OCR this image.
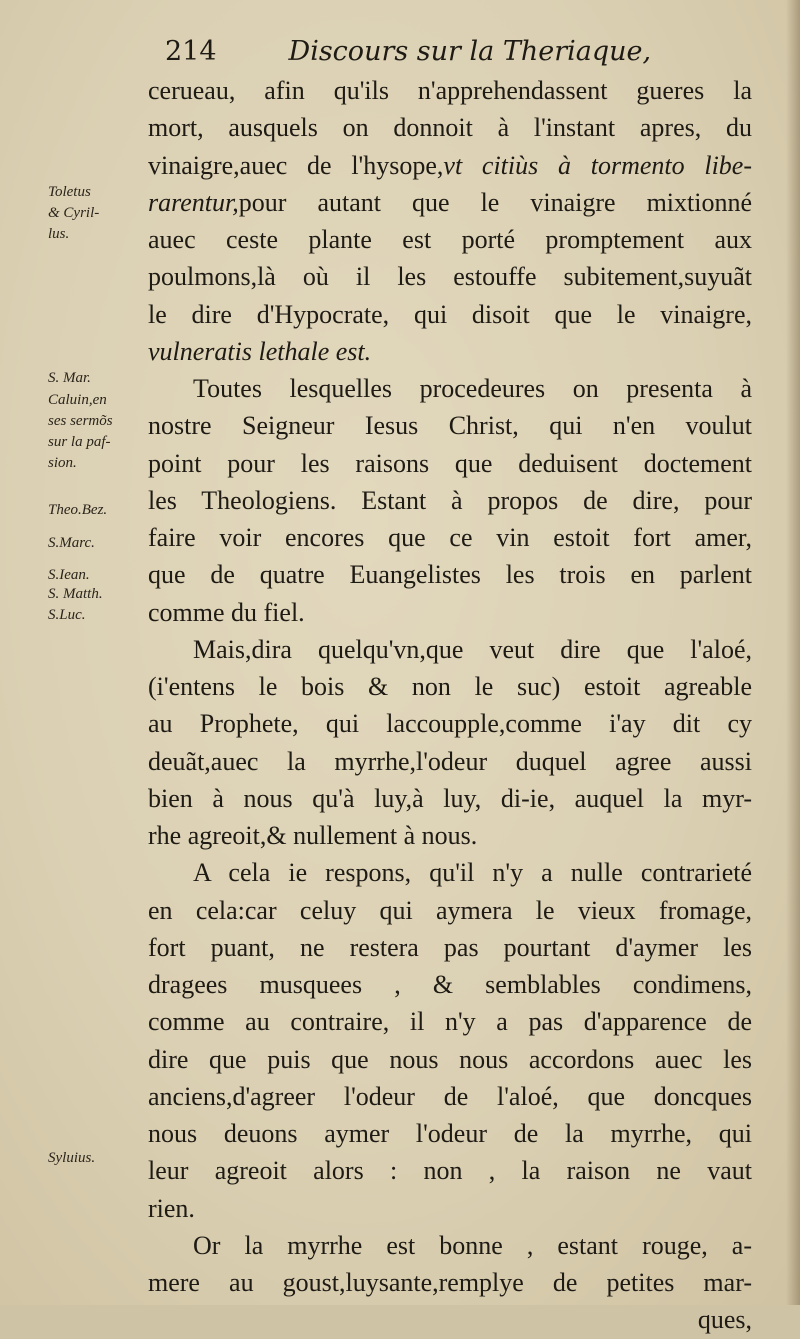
214	Discours sur la Theriaque,
cerueau, afin qu'ils n'apprehendassent gueres la
mort, ausquels on donnoit à l'instant apres, du
vinaigre,auec de l'hysope,vt citiùs à tormento libe-
rarentur,pour autant que le vinaigre mixtionné
auec ceste plante est porté promptement aux
poulmons,là où il les estouffe subitement,suyuãt
le dire d'Hypocrate, qui disoit que le vinaigre,
vulneratis lethale est.
Toutes lesquelles procedeures on presenta à
nostre Seigneur Iesus Christ, qui n'en voulut
point pour les raisons que deduisent doctement
les Theologiens. Estant à propos de dire, pour
faire voir encores que ce vin estoit fort amer,
que de quatre Euangelistes les trois en parlent
comme du fiel.
Mais,dira quelqu'vn,que veut dire que l'aloé,
(i'entens le bois & non le suc) estoit agreable
au Prophete, qui laccoupple,comme i'ay dit cy
deuãt,auec la myrrhe,l'odeur duquel agree aussi
bien à nous qu'à luy,à luy, di-ie, auquel la myr-
rhe agreoit,& nullement à nous.
A cela ie respons, qu'il n'y a nulle contrarieté
en cela:car celuy qui aymera le vieux fromage,
fort puant, ne restera pas pourtant d'aymer les
dragees musquees , & semblables condimens,
comme au contraire, il n'y a pas d'apparence de
dire que puis que nous nous accordons auec les
anciens,d'agreer l'odeur de l'aloé, que doncques
nous deuons aymer l'odeur de la myrrhe, qui
leur agreoit alors : non , la raison ne vaut
rien.
Or la myrrhe est bonne , estant rouge, a-
mere au goust,luysante,remplye de petites mar-
ques,
Toletus
& Cyril-
lus.
S. Mar.
Caluin,en
ses sermõs
sur la paf-
sion.
Theo.Bez.
S.Marc.
S.Iean.
S. Matth.
S.Luc.
Syluius.
